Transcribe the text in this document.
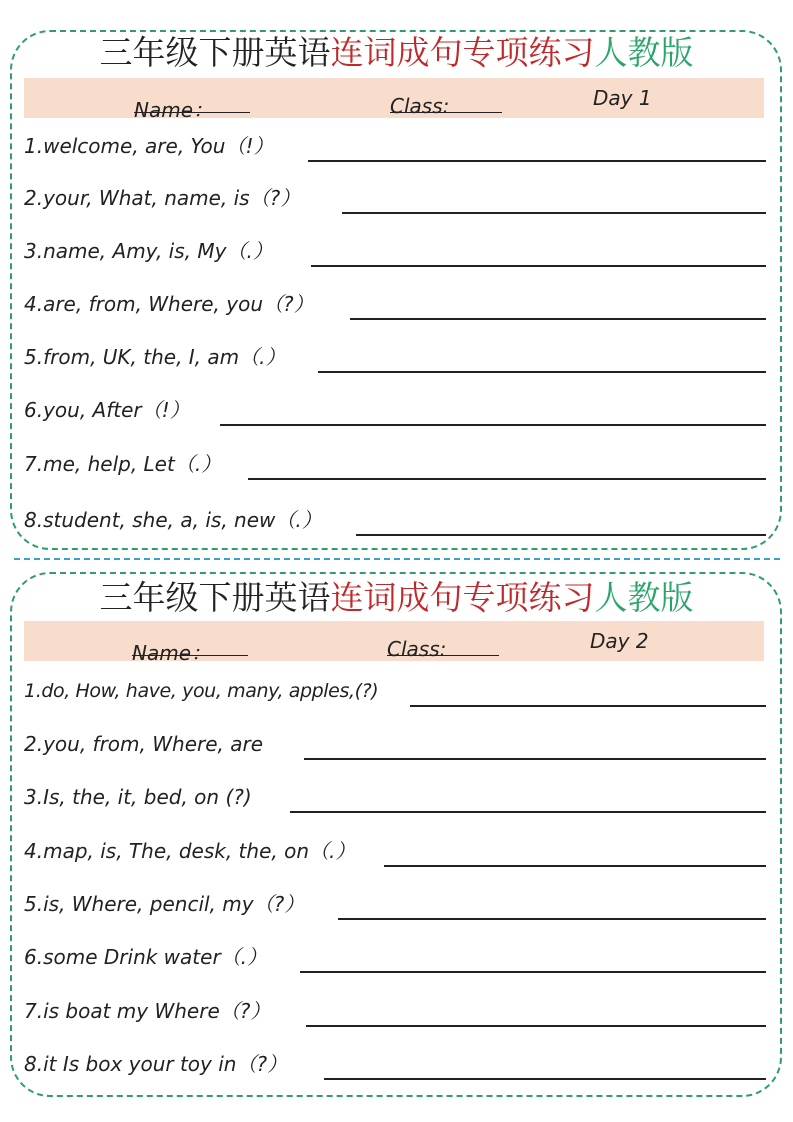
三年级下册英语连词成句专项练习人教版
Name：	Class:	Day 1
1.welcome, are, You（!）
2.your, What, name, is（?）
3.name, Amy, is, My（.）
4.are, from, Where, you（?）
5.from, UK, the, I, am（.）
6.you, After（!）
7.me, help, Let（.）
8.student, she, a, is, new（.）
三年级下册英语连词成句专项练习人教版
Name：	Class:	Day 2
1.do, How, have, you, many, apples,(?)
2.you, from, Where, are
3.Is, the, it, bed, on (?)
4.map, is, The, desk, the, on（.）
5.is, Where, pencil, my（?）
6.some Drink water（.）
7.is boat my Where（?）
8.it Is box your toy in（?）
